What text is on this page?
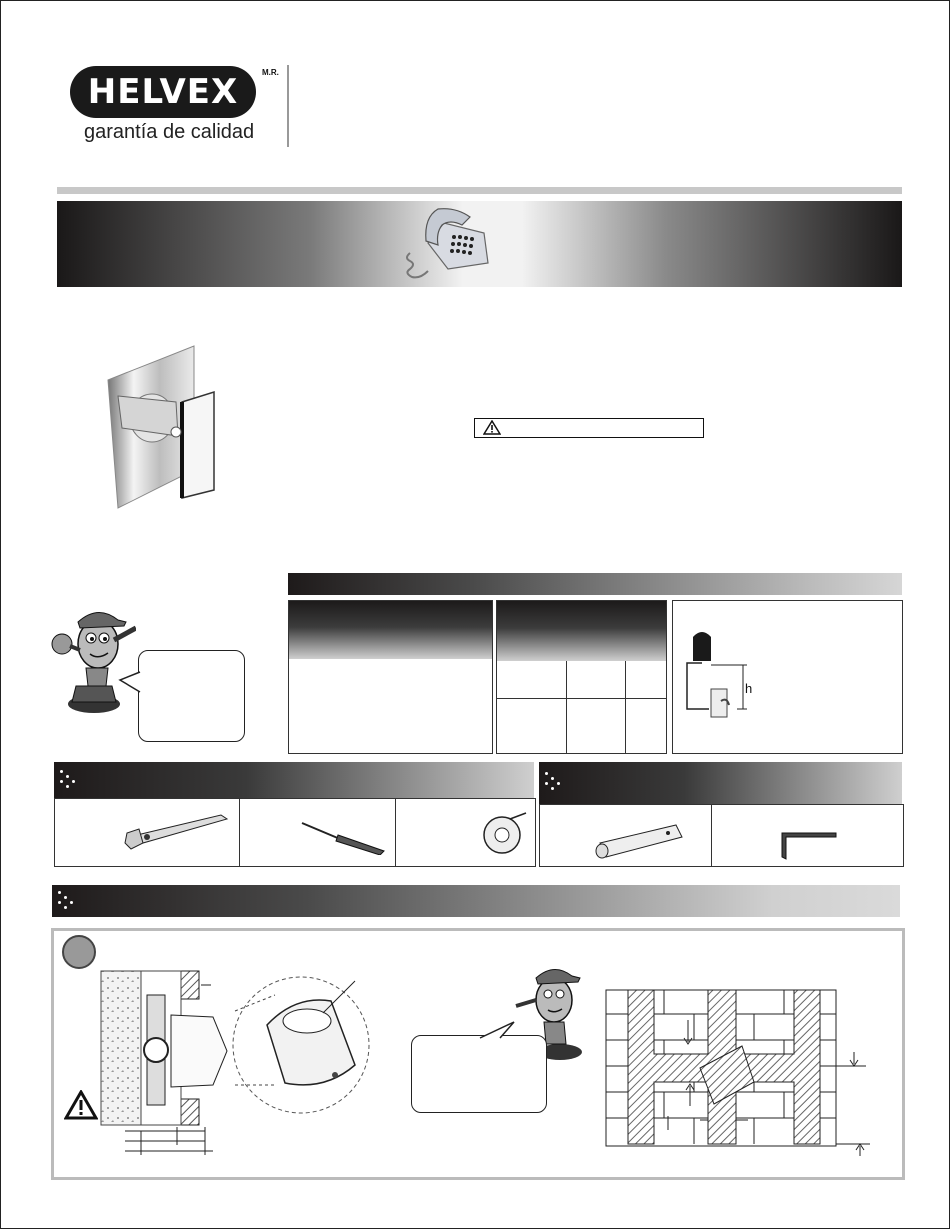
HELVEX	M.R.
garantía de calidad
h
